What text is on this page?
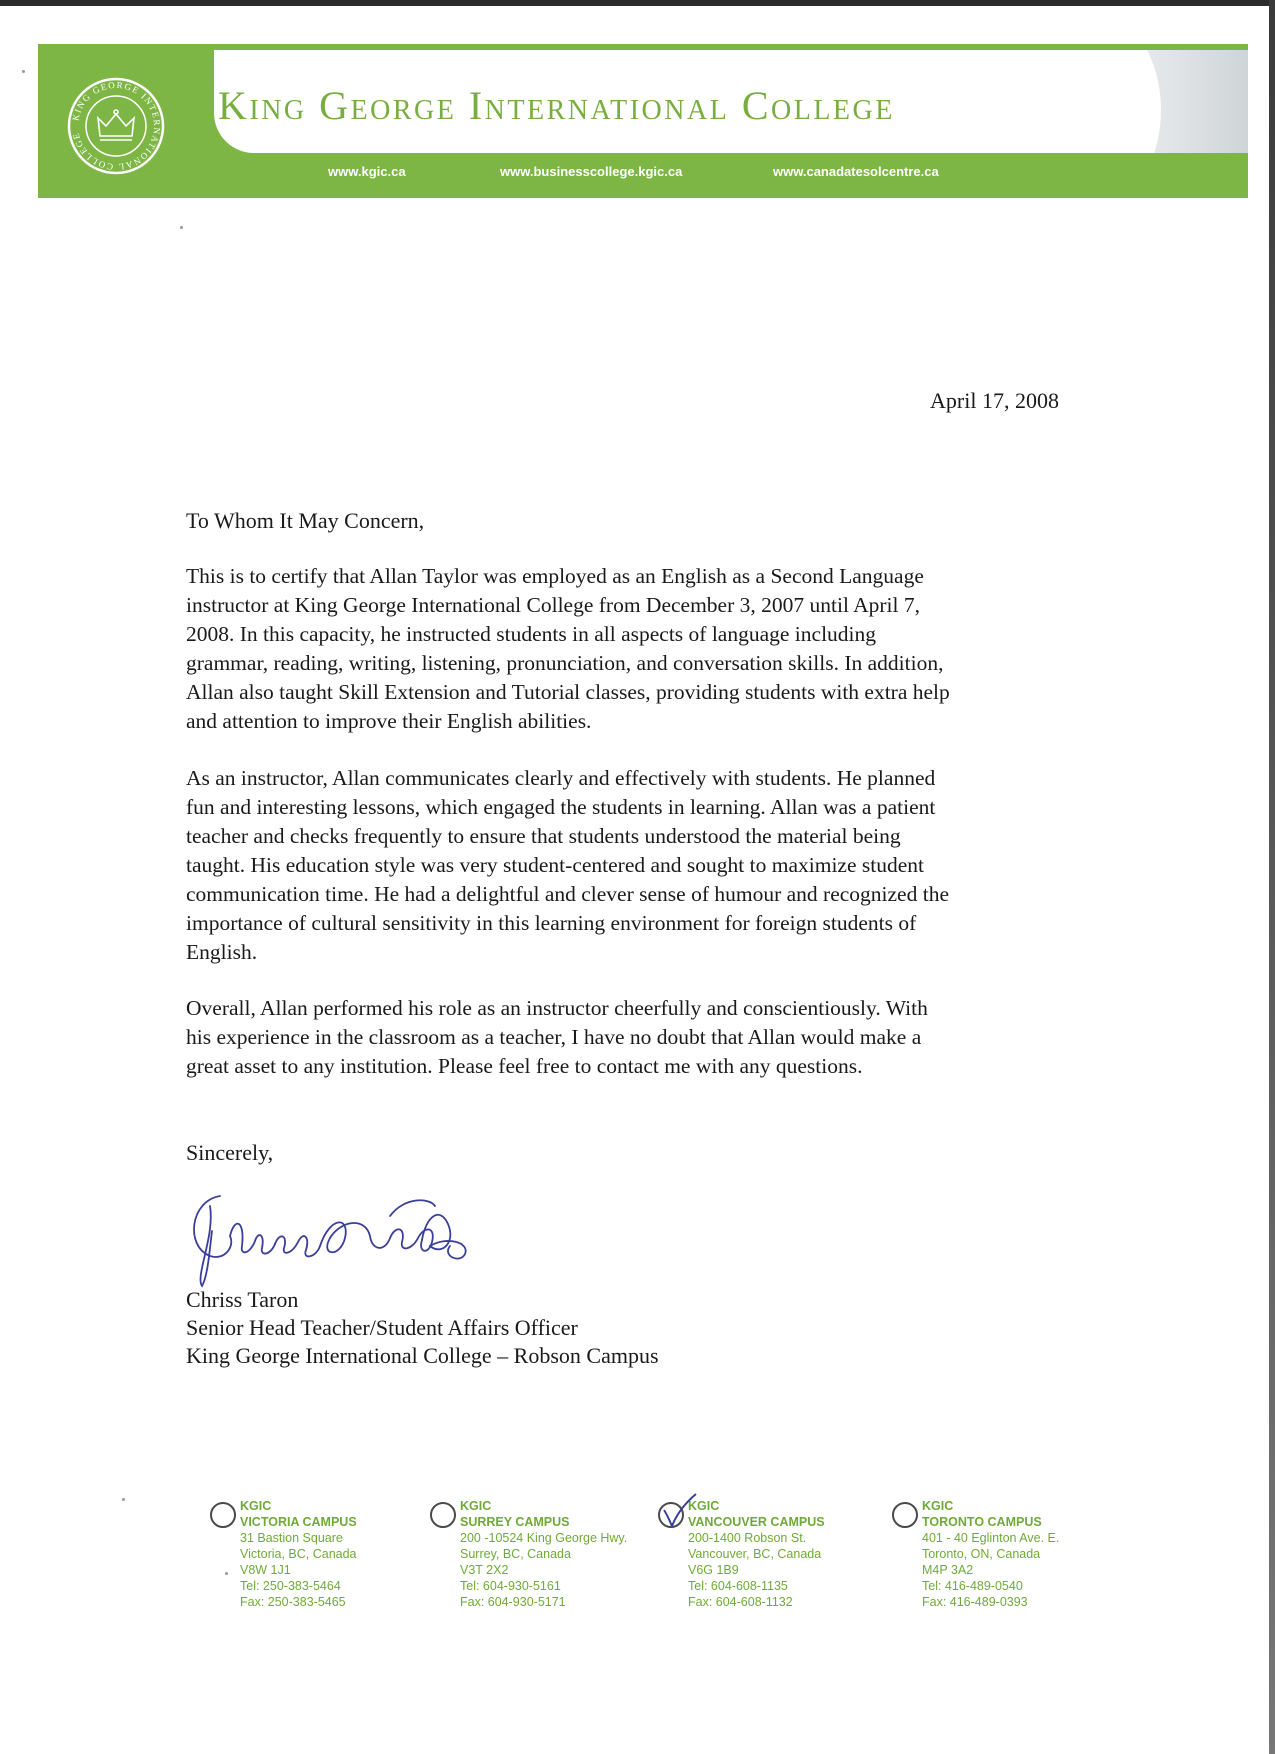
KING GEORGE INTERNATIONAL COLLEGE
King George International College
www.kgic.ca	www.businesscollege.kgic.ca	www.canadatesolcentre.ca
April 17, 2008
To Whom It May Concern,
This is to certify that Allan Taylor was employed as an English as a Second Language
instructor at King George International College from December 3, 2007 until April 7,
2008. In this capacity, he instructed students in all aspects of language including
grammar, reading, writing, listening, pronunciation, and conversation skills. In addition,
Allan also taught Skill Extension and Tutorial classes, providing students with extra help
and attention to improve their English abilities.
As an instructor, Allan communicates clearly and effectively with students. He planned
fun and interesting lessons, which engaged the students in learning. Allan was a patient
teacher and checks frequently to ensure that students understood the material being
taught. His education style was very student-centered and sought to maximize student
communication time. He had a delightful and clever sense of humour and recognized the
importance of cultural sensitivity in this learning environment for foreign students of
English.
Overall, Allan performed his role as an instructor cheerfully and conscientiously. With
his experience in the classroom as a teacher, I have no doubt that Allan would make a
great asset to any institution. Please feel free to contact me with any questions.
Sincerely,
Chriss Taron
Senior Head Teacher/Student Affairs Officer
King George International College – Robson Campus
KGIC
VICTORIA CAMPUS
31 Bastion Square
Victoria, BC, Canada
V8W 1J1
Tel: 250-383-5464
Fax: 250-383-5465
KGIC
SURREY CAMPUS
200 -10524 King George Hwy.
Surrey, BC, Canada
V3T 2X2
Tel: 604-930-5161
Fax: 604-930-5171
KGIC
VANCOUVER CAMPUS
200-1400 Robson St.
Vancouver, BC, Canada
V6G 1B9
Tel: 604-608-1135
Fax: 604-608-1132
KGIC
TORONTO CAMPUS
401 - 40 Eglinton Ave. E.
Toronto, ON, Canada
M4P 3A2
Tel: 416-489-0540
Fax: 416-489-0393
